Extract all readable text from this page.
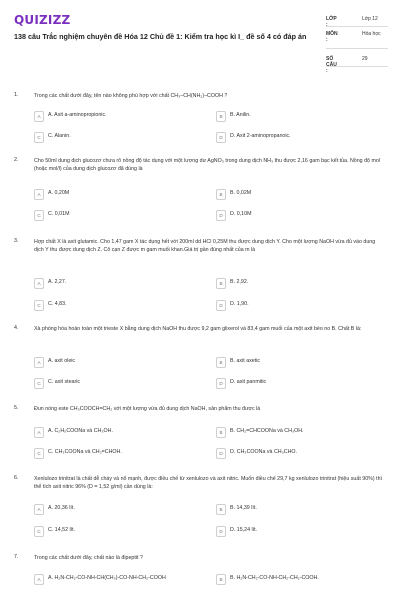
QUIZIZZ
138 câu Trắc nghiệm chuyên đề Hóa 12 Chủ đề 1: Kiểm tra học kì I_ đề số 4 có đáp án
LỚP :
Lớp 12
MÔN :
Hóa học
SỐ CÂU :
29
1.	Trong các chất dưới đây, tên nào không phù hợp với chất CH₃–CH(NH₂)–COOH ?
A	A. Axit a-aminopropionic.	B	B. Anilin.
C	C. Alanin.	D	D. Axit 2-aminopropanoic.
2.	Cho 50ml dung dịch glucozơ chưa rõ nồng độ tác dụng với một lượng dư AgNO₃ trong dung dịch NH₃ thu được 2,16 gam bạc kết tủa. Nồng độ mol (hoặc mol/l) của dung dịch glucozơ đã dùng là
A	A. 0,20M	B	B. 0,02M
C	C. 0,01M	D	D. 0,10M
3.	Hợp chất X là axit glutamic. Cho 1,47 gam X tác dụng hết với 200ml dd HCl 0,25M thu được dung dịch Y. Cho một lượng NaOH vừa đủ vào dung dịch Y thu được dung dịch Z. Cô cạn Z được m gam muối khan.Giá trị gần đúng nhất của m là
A	A. 2,27.	B	B. 2,92.
C	C. 4,83.	D	D. 1,90.
4.	Xà phòng hóa hoàn toàn một trieste X bằng dung dịch NaOH thu được 9,2 gam glixerol và 83,4 gam muối của một axit béo no B. Chất B là:
A	A. axit oleic	B	B. axit axetic
C	C. axit stearic	D	D. axit panmitic
5.	Đun nóng este CH₃COOCH=CH₂ với một lượng vừa đủ dung dịch NaOH, sản phẩm thu được là
A	A. C₂H₅COONa và CH₃OH.	B	B. CH₂=CHCOONa và CH₃OH.
C	C. CH₃COONa và CH₂=CHOH.	D	D. CH₃COONa và CH₃CHO.
6.	Xenlulozo trinitrat là chất dễ cháy và nổ mạnh, được điều chế từ xenlulozo và axit nitric. Muốn điều chế 29,7 kg xenlulozo trinitrat (hiệu suất 90%) thì thể tích axit nitric 96% (D = 1,52 g/ml) cần dùng là:
A	A. 20,36 lít.	B	B. 14,39 lít.
C	C. 14,52 lít.	D	D. 15,24 lít.
7.	Trong các chất dưới đây, chất nào là đipeptit ?
A	A. H₂N-CH₂-CO-NH-CH(CH₃)-CO-NH-CH₂-COOH	B	B. H₂N-CH₂-CO-NH-CH₂-CH₂-COOH.
